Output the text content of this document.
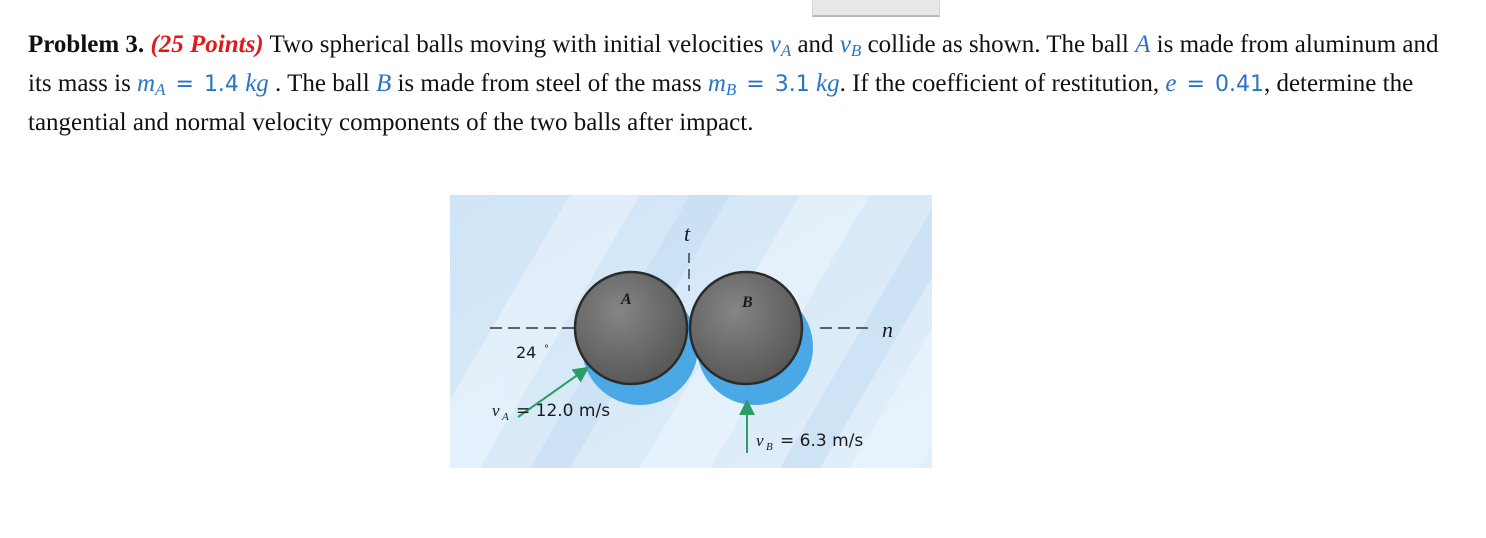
Problem 3. (25 Points) Two spherical balls moving with initial velocities $v_A$ and $v_B$ collide as shown. The ball A is made from aluminum and its mass is $m_A = 1.4$ kg . The ball B is made from steel of the mass $m_B = 3.1$ kg. If the coefficient of restitution, e = 0.41, determine the tangential and normal velocity components of the two balls after impact.
t
n
A	B
24 °
v A = 12.0 m/s
v B = 6.3 m/s
